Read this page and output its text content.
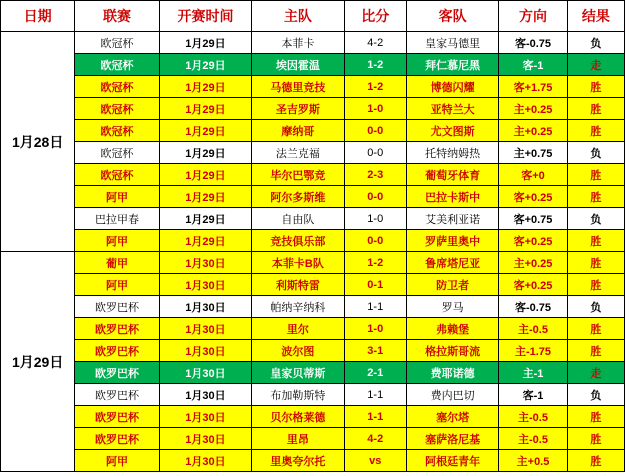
日期	联赛	开赛时间	主队	比分	客队	方向	结果
1月28日	欧冠杯	1月29日	本菲卡	4-2	皇家马德里	客-0.75	负
	欧冠杯	1月29日	埃因霍温	1-2	拜仁慕尼黑	客-1	走
	欧冠杯	1月29日	马德里竞技	1-2	博德闪耀	客+1.75	胜
	欧冠杯	1月29日	圣吉罗斯	1-0	亚特兰大	主+0.25	胜
	欧冠杯	1月29日	摩纳哥	0-0	尤文图斯	主+0.25	胜
	欧冠杯	1月29日	法兰克福	0-0	托特纳姆热	主+0.75	负
	欧冠杯	1月29日	毕尔巴鄂竞	2-3	葡萄牙体育	客+0	胜
	阿甲	1月29日	阿尔多斯维	0-0	巴拉卡斯中	客+0.25	胜
	巴拉甲春	1月29日	自由队	1-0	艾美利亚诺	客+0.75	负
	阿甲	1月29日	竞技俱乐部	0-0	罗萨里奥中	客+0.25	胜
1月29日	葡甲	1月30日	本菲卡B队	1-2	鲁席塔尼亚	主+0.25	胜
	阿甲	1月30日	利斯特雷	0-1	防卫者	客+0.25	胜
	欧罗巴杯	1月30日	帕纳辛纳科	1-1	罗马	客-0.75	负
	欧罗巴杯	1月30日	里尔	1-0	弗赖堡	主-0.5	胜
	欧罗巴杯	1月30日	波尔图	3-1	格拉斯哥流	主-1.75	胜
	欧罗巴杯	1月30日	皇家贝蒂斯	2-1	费耶诺德	主-1	走
	欧罗巴杯	1月30日	布加勒斯特	1-1	费内巴切	客-1	负
	欧罗巴杯	1月30日	贝尔格莱德	1-1	塞尔塔	主-0.5	胜
	欧罗巴杯	1月30日	里昂	4-2	塞萨洛尼基	主-0.5	胜
	阿甲	1月30日	里奥夸尔托	vs	阿根廷青年	主+0.5	胜
